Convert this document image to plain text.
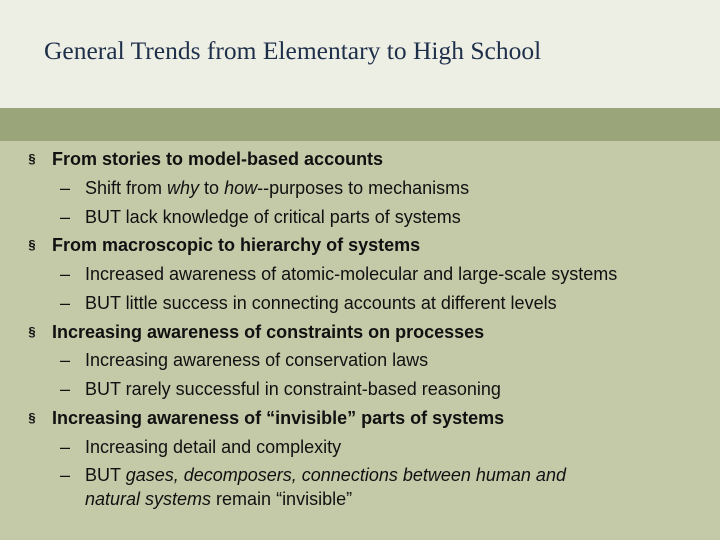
General Trends from Elementary to High School
§ From stories to model-based accounts
– Shift from why to how--purposes to mechanisms
– BUT lack knowledge of critical parts of systems
§ From macroscopic to hierarchy of systems
– Increased awareness of atomic-molecular and large-scale systems
– BUT little success in connecting accounts at different levels
§ Increasing awareness of constraints on processes
– Increasing awareness of conservation laws
– BUT rarely successful in constraint-based reasoning
§ Increasing awareness of “invisible” parts of systems
– Increasing detail and complexity
– BUT gases, decomposers, connections between human and
natural systems remain “invisible”
